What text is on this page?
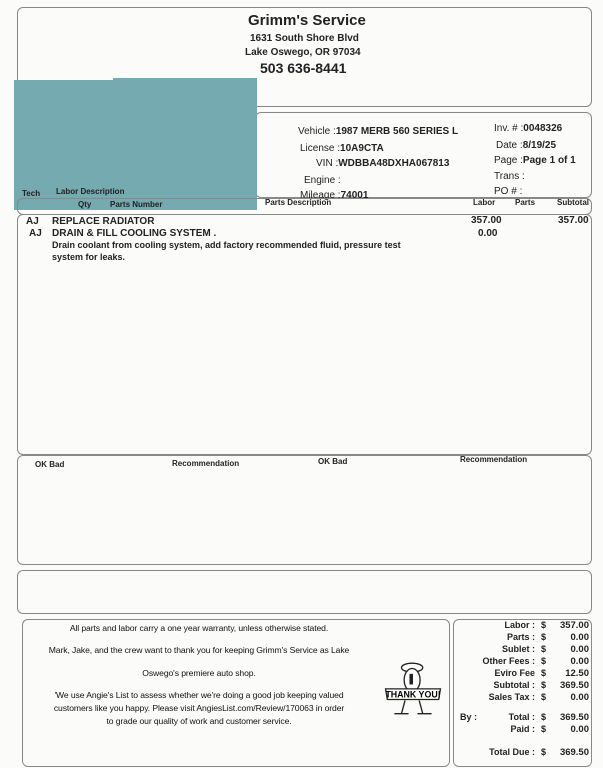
Grimm's Service
1631 South Shore Blvd
Lake Oswego, OR 97034
503 636-8441
Vehicle :1987 MERB 560 SERIES L
License :10A9CTA
VIN :WDBBA48DXHA067813
Engine :
Mileage :74001
Inv. # :0048326
Date :8/19/25
Page :Page 1 of 1
Trans :
PO # :
Tech Labor Description
Qty Parts Number	Parts Description	Labor Parts	Subtotal
AJ REPLACE RADIATOR	357.00	357.00
AJ DRAIN & FILL COOLING SYSTEM .	0.00
Drain coolant from cooling system, add factory recommended fluid, pressure test
system for leaks.
OK Bad	Recommendation	OK Bad	Recommendation
All parts and labor carry a one year warranty, unless otherwise stated.
Mark, Jake, and the crew want to thank you for keeping Grimm's Service as Lake
Oswego's premiere auto shop.
'We use Angie's List to assess whether we're doing a good job keeping valued
customers like you happy. Please visit AngiesList.com/Review/170063 in order
to grade our quality of work and customer service.
THANK YOU!
By :
Labor : $ 357.00
Parts : $	0.00
Sublet : $	0.00
Other Fees : $	0.00
Eviro Fee $ 12.50
Subtotal : $ 369.50
Sales Tax : $	0.00
Total : $ 369.50
Paid : $	0.00
Total Due : $ 369.50
